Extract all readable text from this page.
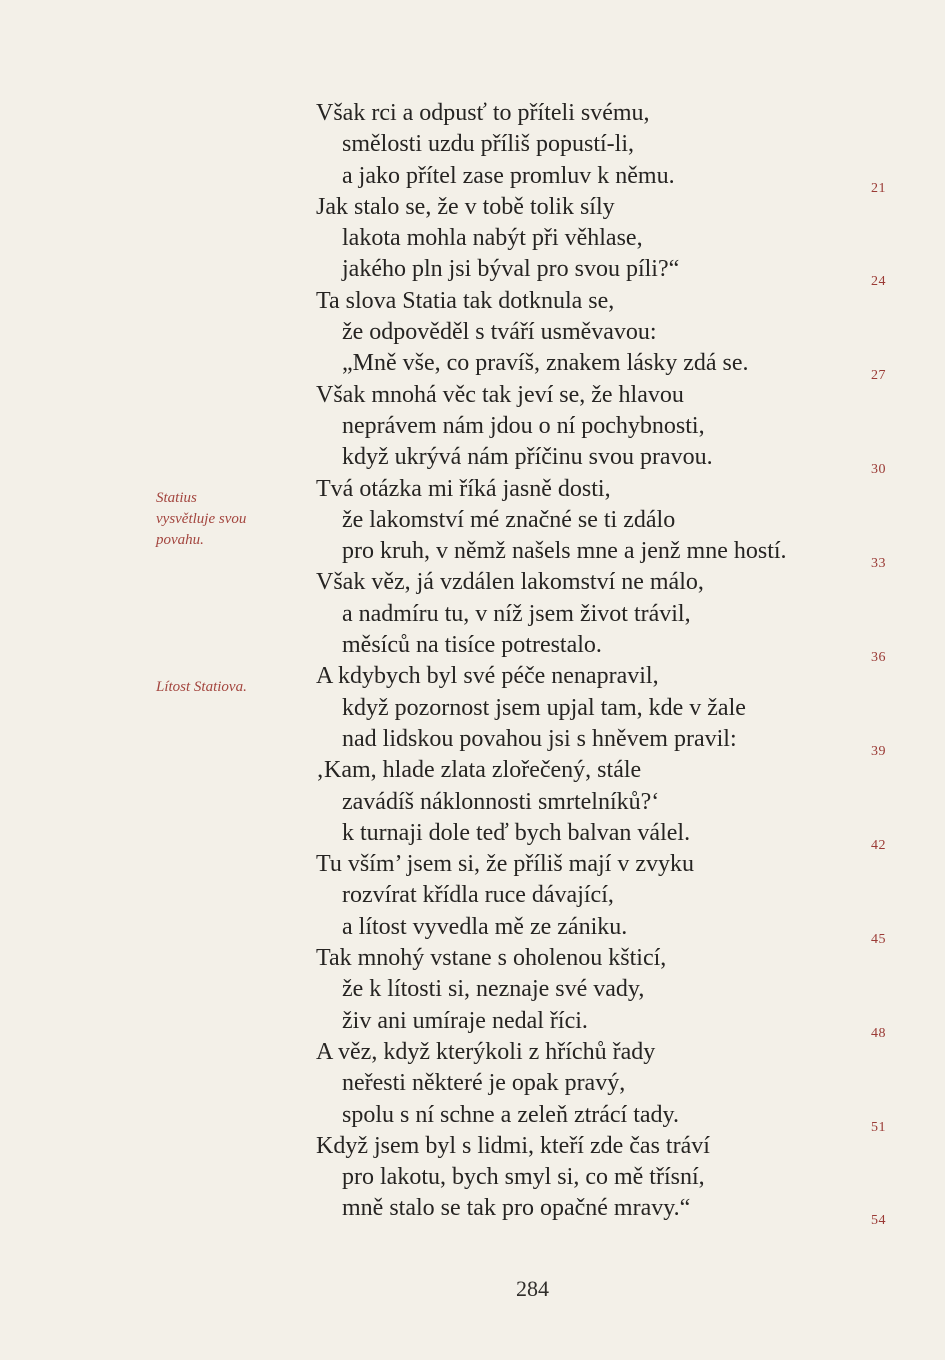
Statius
vysvětluje svou
povahu.
Lítost Statiova.
Však rci a odpusť to příteli svému,
smělosti uzdu příliš popustí-li,
a jako přítel zase promluv k němu.	21
Jak stalo se, že v tobě tolik síly
lakota mohla nabýt při věhlase,
jakého pln jsi býval pro svou píli?“	24
Ta slova Statia tak dotknula se,
že odpověděl s tváří usměvavou:
„Mně vše, co pravíš, znakem lásky zdá se.	27
Však mnohá věc tak jeví se, že hlavou
neprávem nám jdou o ní pochybnosti,
když ukrývá nám příčinu svou pravou.	30
Tvá otázka mi říká jasně dosti,
že lakomství mé značné se ti zdálo
pro kruh, v němž našels mne a jenž mne hostí.	33
Však věz, já vzdálen lakomství ne málo,
a nadmíru tu, v níž jsem život trávil,
měsíců na tisíce potrestalo.	36
A kdybych byl své péče nenapravil,
když pozornost jsem upjal tam, kde v žale
nad lidskou povahou jsi s hněvem pravil:	39
‚Kam, hlade zlata zlořečený, stále
zavádíš náklonnosti smrtelníků?‘
k turnaji dole teď bych balvan válel.	42
Tu vším’ jsem si, že příliš mají v zvyku
rozvírat křídla ruce dávající,
a lítost vyvedla mě ze zániku.	45
Tak mnohý vstane s oholenou kšticí,
že k lítosti si, neznaje své vady,
živ ani umíraje nedal říci.	48
A věz, když kterýkoli z hříchů řady
neřesti některé je opak pravý,
spolu s ní schne a zeleň ztrácí tady.	51
Když jsem byl s lidmi, kteří zde čas tráví
pro lakotu, bych smyl si, co mě třísní,
mně stalo se tak pro opačné mravy.“	54
284
